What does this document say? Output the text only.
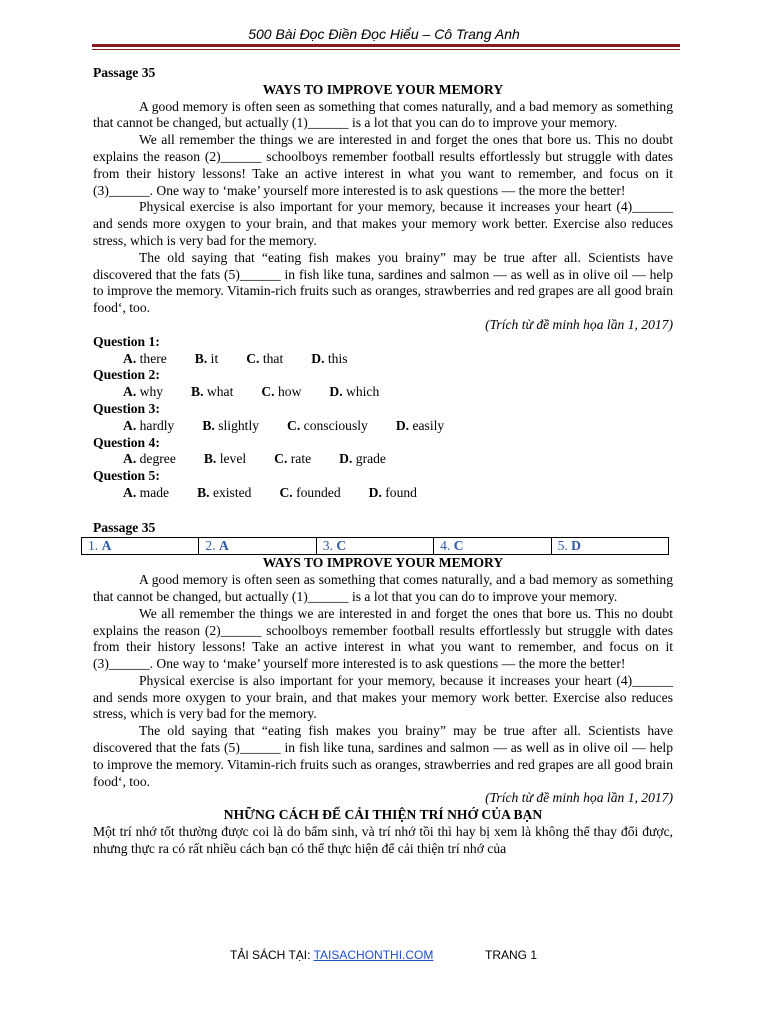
500 Bài Đọc Điền Đọc Hiểu – Cô Trang Anh
Passage 35
WAYS TO IMPROVE YOUR MEMORY

A good memory is often seen as something that comes naturally, and a bad memory as something that cannot be changed, but actually (1)______ is a lot that you can do to improve your memory.

We all remember the things we are interested in and forget the ones that bore us. This no doubt explains the reason (2)______ schoolboys remember football results effortlessly but struggle with dates from their history lessons! Take an active interest in what you want to remember, and focus on it (3)______. One way to ‘make’ yourself more interested is to ask questions — the more the better!

Physical exercise is also important for your memory, because it increases your heart (4)______ and sends more oxygen to your brain, and that makes your memory work better. Exercise also reduces stress, which is very bad for the memory.

The old saying that “eating fish makes you brainy” may be true after all. Scientists have discovered that the fats (5)______ in fish like tuna, sardines and salmon — as well as in olive oil — help to improve the memory. Vitamin-rich fruits such as oranges, strawberries and red grapes are all good brain food‘, too.

(Trích từ đề minh họa lần 1, 2017)
Question 1:
A. there B. it C. that D. this
Question 2:
A. why B. what C. how D. which
Question 3:
A. hardly B. slightly C. consciously D. easily
Question 4:
A. degree B. level C. rate D. grade
Question 5:
A. made B. existed C. founded D. found
Passage 35
1. A	2. A	3. C	4. C	5. D
WAYS TO IMPROVE YOUR MEMORY

A good memory is often seen as something that comes naturally, and a bad memory as something that cannot be changed, but actually (1)______ is a lot that you can do to improve your memory.

We all remember the things we are interested in and forget the ones that bore us. This no doubt explains the reason (2)______ schoolboys remember football results effortlessly but struggle with dates from their history lessons! Take an active interest in what you want to remember, and focus on it (3)______. One way to ‘make’ yourself more interested is to ask questions — the more the better!

Physical exercise is also important for your memory, because it increases your heart (4)______ and sends more oxygen to your brain, and that makes your memory work better. Exercise also reduces stress, which is very bad for the memory.

The old saying that “eating fish makes you brainy” may be true after all. Scientists have discovered that the fats (5)______ in fish like tuna, sardines and salmon — as well as in olive oil — help to improve the memory. Vitamin-rich fruits such as oranges, strawberries and red grapes are all good brain food‘, too.

(Trích từ đề minh họa lần 1, 2017)
NHỮNG CÁCH ĐỂ CẢI THIỆN TRÍ NHỚ CỦA BẠN
Một trí nhớ tốt thường được coi là do bẩm sinh, và trí nhớ tồi thì hay bị xem là không thể thay đổi được, nhưng thực ra có rất nhiều cách bạn có thể thực hiện để cải thiện trí nhớ của
TẢI SÁCH TẠI: TAISACHONTHI.COM	TRANG 1
